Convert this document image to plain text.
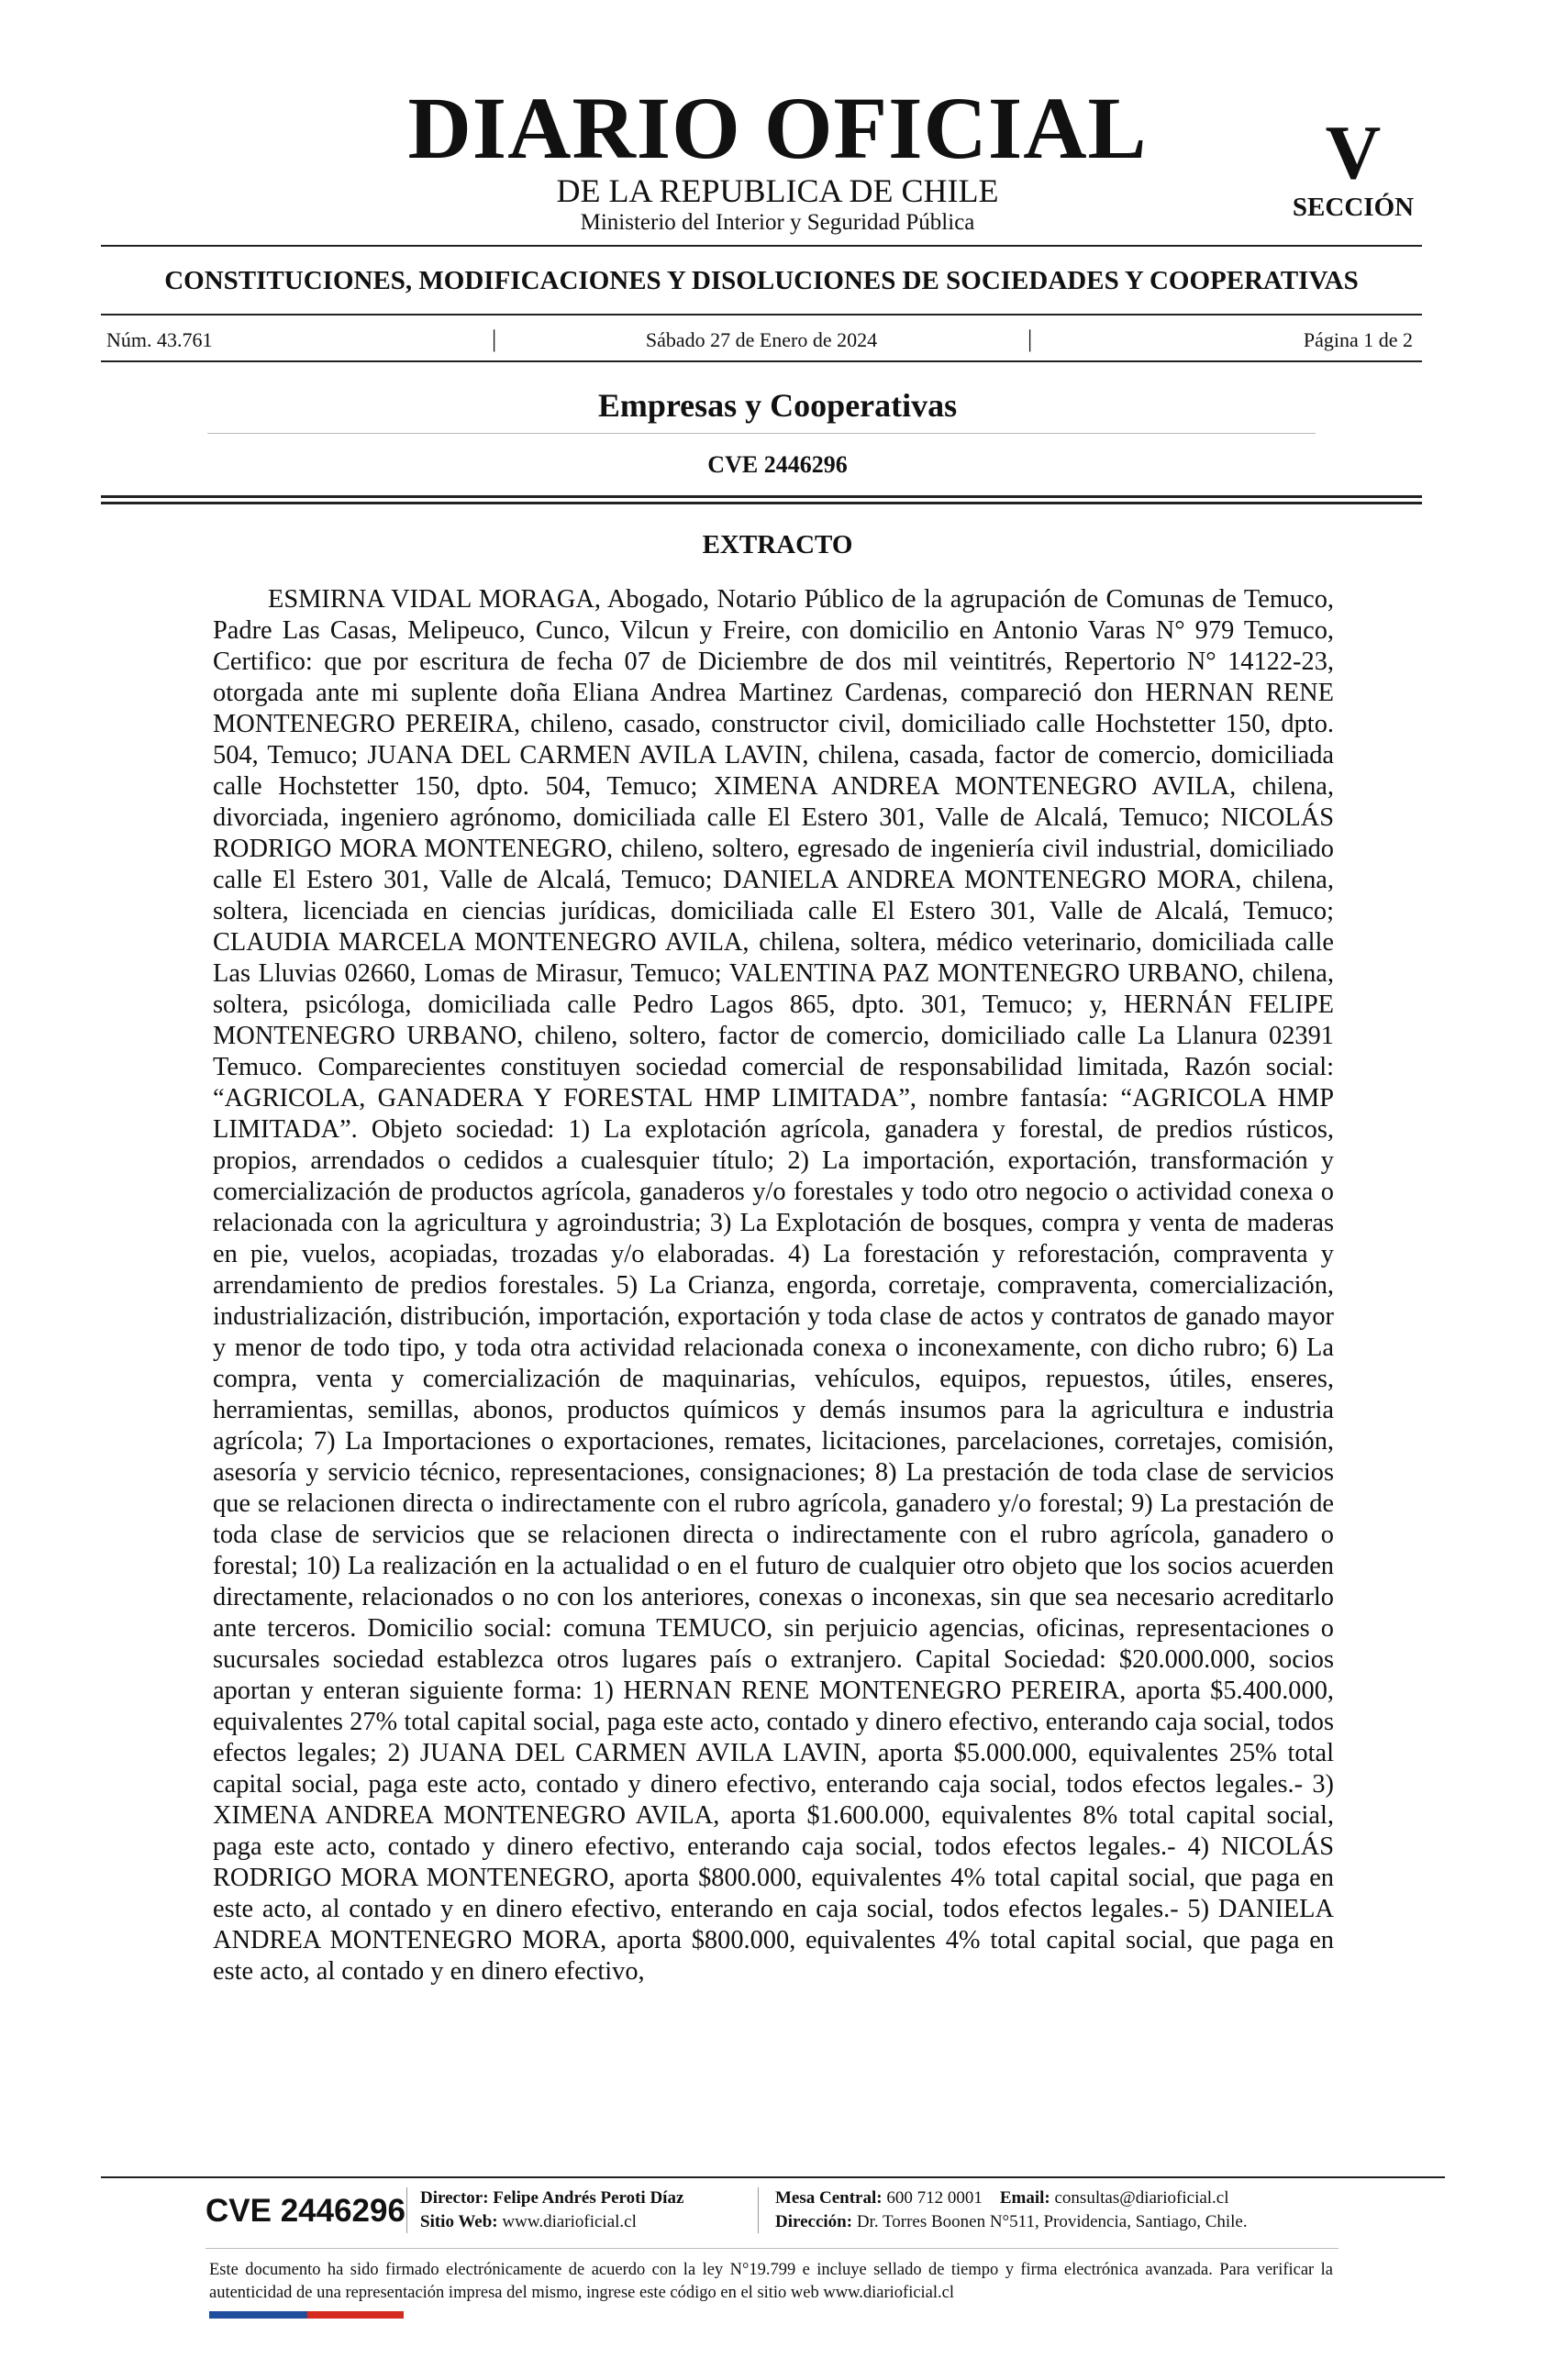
DIARIO OFICIAL
DE LA REPUBLICA DE CHILE
Ministerio del Interior y Seguridad Pública
V
SECCIÓN
CONSTITUCIONES, MODIFICACIONES Y DISOLUCIONES DE SOCIEDADES Y COOPERATIVAS
Núm. 43.761	|	Sábado 27 de Enero de 2024	|	Página 1 de 2
Empresas y Cooperativas
CVE 2446296
EXTRACTO

ESMIRNA VIDAL MORAGA, Abogado, Notario Público de la agrupación de Comunas de Temuco, Padre Las Casas, Melipeuco, Cunco, Vilcun y Freire, con domicilio en Antonio Varas N° 979 Temuco, Certifico: que por escritura de fecha 07 de Diciembre de dos mil veintitrés, Repertorio N° 14122-23, otorgada ante mi suplente doña Eliana Andrea Martinez Cardenas, compareció don HERNAN RENE MONTENEGRO PEREIRA, chileno, casado, constructor civil, domiciliado calle Hochstetter 150, dpto. 504, Temuco; JUANA DEL CARMEN AVILA LAVIN, chilena, casada, factor de comercio, domiciliada calle Hochstetter 150, dpto. 504, Temuco; XIMENA ANDREA MONTENEGRO AVILA, chilena, divorciada, ingeniero agrónomo, domiciliada calle El Estero 301, Valle de Alcalá, Temuco; NICOLÁS RODRIGO MORA MONTENEGRO, chileno, soltero, egresado de ingeniería civil industrial, domiciliado calle El Estero 301, Valle de Alcalá, Temuco; DANIELA ANDREA MONTENEGRO MORA, chilena, soltera, licenciada en ciencias jurídicas, domiciliada calle El Estero 301, Valle de Alcalá, Temuco; CLAUDIA MARCELA MONTENEGRO AVILA, chilena, soltera, médico veterinario, domiciliada calle Las Lluvias 02660, Lomas de Mirasur, Temuco; VALENTINA PAZ MONTENEGRO URBANO, chilena, soltera, psicóloga, domiciliada calle Pedro Lagos 865, dpto. 301, Temuco; y, HERNÁN FELIPE MONTENEGRO URBANO, chileno, soltero, factor de comercio, domiciliado calle La Llanura 02391 Temuco. Comparecientes constituyen sociedad comercial de responsabilidad limitada, Razón social: “AGRICOLA, GANADERA Y FORESTAL HMP LIMITADA”, nombre fantasía: “AGRICOLA HMP LIMITADA”. Objeto sociedad: 1) La explotación agrícola, ganadera y forestal, de predios rústicos, propios, arrendados o cedidos a cualesquier título; 2) La importación, exportación, transformación y comercialización de productos agrícola, ganaderos y/o forestales y todo otro negocio o actividad conexa o relacionada con la agricultura y agroindustria; 3) La Explotación de bosques, compra y venta de maderas en pie, vuelos, acopiadas, trozadas y/o elaboradas. 4) La forestación y reforestación, compraventa y arrendamiento de predios forestales. 5) La Crianza, engorda, corretaje, compraventa, comercialización, industrialización, distribución, importación, exportación y toda clase de actos y contratos de ganado mayor y menor de todo tipo, y toda otra actividad relacionada conexa o inconexamente, con dicho rubro; 6) La compra, venta y comercialización de maquinarias, vehículos, equipos, repuestos, útiles, enseres, herramientas, semillas, abonos, productos químicos y demás insumos para la agricultura e industria agrícola; 7) La Importaciones o exportaciones, remates, licitaciones, parcelaciones, corretajes, comisión, asesoría y servicio técnico, representaciones, consignaciones; 8) La prestación de toda clase de servicios que se relacionen directa o indirectamente con el rubro agrícola, ganadero y/o forestal; 9) La prestación de toda clase de servicios que se relacionen directa o indirectamente con el rubro agrícola, ganadero o forestal; 10) La realización en la actualidad o en el futuro de cualquier otro objeto que los socios acuerden directamente, relacionados o no con los anteriores, conexas o inconexas, sin que sea necesario acreditarlo ante terceros. Domicilio social: comuna TEMUCO, sin perjuicio agencias, oficinas, representaciones o sucursales sociedad establezca otros lugares país o extranjero. Capital Sociedad: $20.000.000, socios aportan y enteran siguiente forma: 1) HERNAN RENE MONTENEGRO PEREIRA, aporta $5.400.000, equivalentes 27% total capital social, paga este acto, contado y dinero efectivo, enterando caja social, todos efectos legales; 2) JUANA DEL CARMEN AVILA LAVIN, aporta $5.000.000, equivalentes 25% total capital social, paga este acto, contado y dinero efectivo, enterando caja social, todos efectos legales.- 3) XIMENA ANDREA MONTENEGRO AVILA, aporta $1.600.000, equivalentes 8% total capital social, paga este acto, contado y dinero efectivo, enterando caja social, todos efectos legales.- 4) NICOLÁS RODRIGO MORA MONTENEGRO, aporta $800.000, equivalentes 4% total capital social, que paga en este acto, al contado y en dinero efectivo, enterando en caja social, todos efectos legales.- 5) DANIELA ANDREA MONTENEGRO MORA, aporta $800.000, equivalentes 4% total capital social, que paga en este acto, al contado y en dinero efectivo,

CVE 2446296 Director: Felipe Andrés Peroti Díaz
Sitio Web: www.diarioficial.cl
Mesa Central: 600 712 0001 Email: consultas@diarioficial.cl
Dirección: Dr. Torres Boonen N°511, Providencia, Santiago, Chile.
Este documento ha sido firmado electrónicamente de acuerdo con la ley N°19.799 e incluye sellado de tiempo y firma electrónica avanzada. Para verificar la autenticidad de una representación impresa del mismo, ingrese este código en el sitio web www.diarioficial.cl
